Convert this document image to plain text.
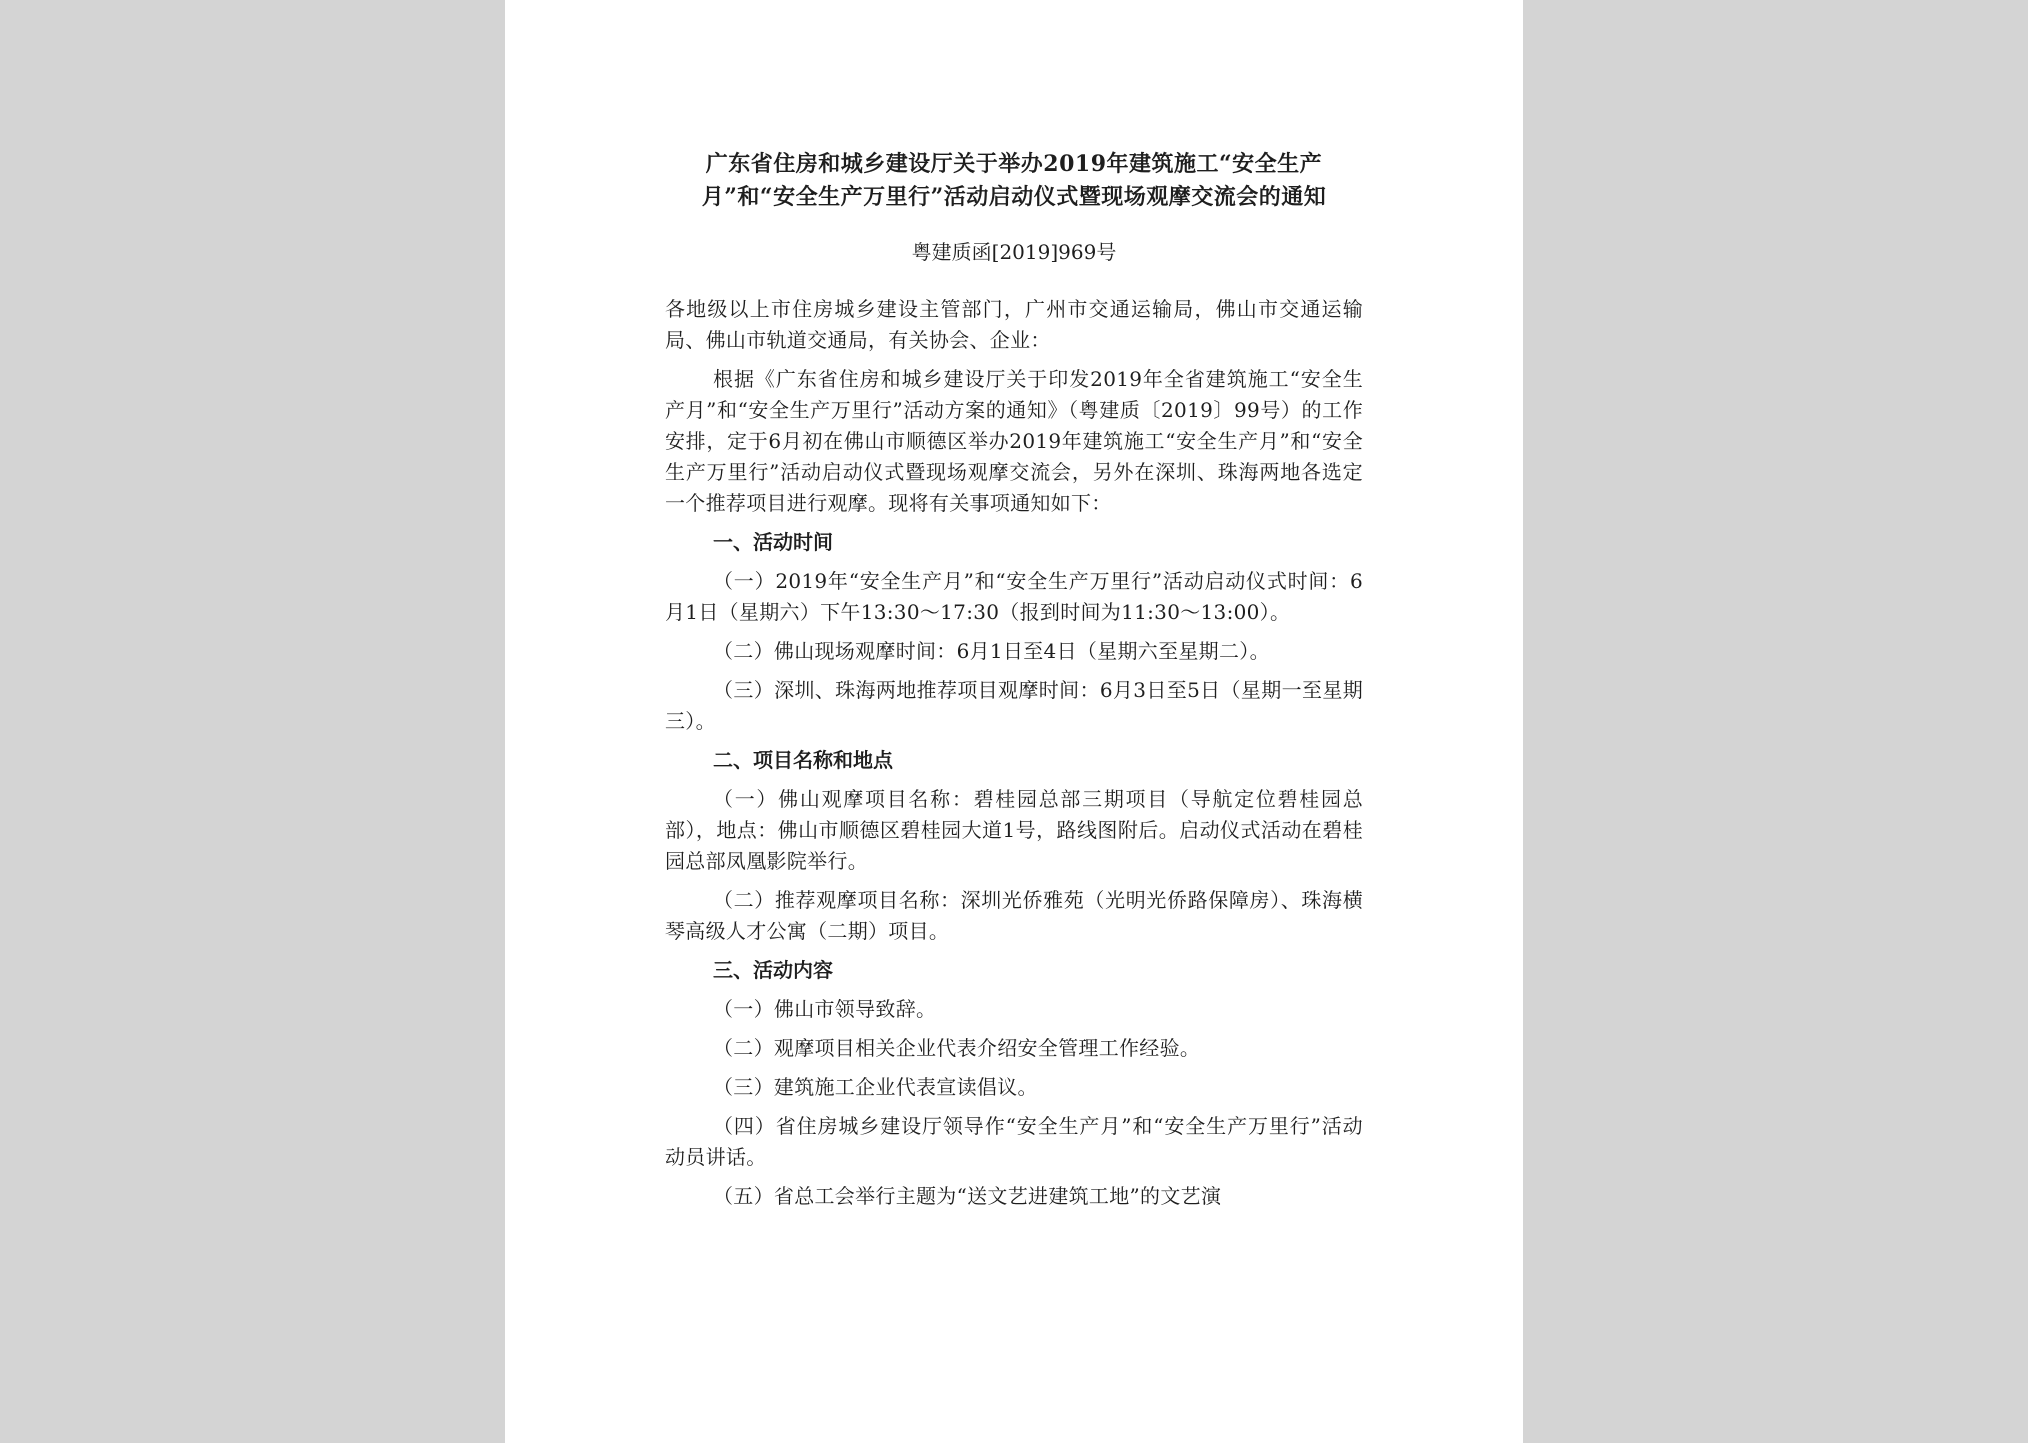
广东省住房和城乡建设厅关于举办2019年建筑施工“安全生产
月”和“安全生产万里行”活动启动仪式暨现场观摩交流会的通知
粤建质函[2019]969号

各地级以上市住房城乡建设主管部门，广州市交通运输局，佛山市交通运输局、佛山市轨道交通局，有关协会、企业：

根据《广东省住房和城乡建设厅关于印发2019年全省建筑施工“安全生产月”和“安全生产万里行”活动方案的通知》（粤建质〔2019〕99号）的工作安排，定于6月初在佛山市顺德区举办2019年建筑施工“安全生产月”和“安全生产万里行”活动启动仪式暨现场观摩交流会，另外在深圳、珠海两地各选定一个推荐项目进行观摩。现将有关事项通知如下：

一、活动时间

（一）2019年“安全生产月”和“安全生产万里行”活动启动仪式时间：6月1日（星期六）下午13:30～17:30（报到时间为11:30～13:00）。

（二）佛山现场观摩时间：6月1日至4日（星期六至星期二）。

（三）深圳、珠海两地推荐项目观摩时间：6月3日至5日（星期一至星期三）。

二、项目名称和地点

（一）佛山观摩项目名称：碧桂园总部三期项目（导航定位碧桂园总部），地点：佛山市顺德区碧桂园大道1号，路线图附后。启动仪式活动在碧桂园总部凤凰影院举行。

（二）推荐观摩项目名称：深圳光侨雅苑（光明光侨路保障房）、珠海横琴高级人才公寓（二期）项目。

三、活动内容

（一）佛山市领导致辞。

（二）观摩项目相关企业代表介绍安全管理工作经验。

（三）建筑施工企业代表宣读倡议。

（四）省住房城乡建设厅领导作“安全生产月”和“安全生产万里行”活动动员讲话。

（五）省总工会举行主题为“送文艺进建筑工地”的文艺演
